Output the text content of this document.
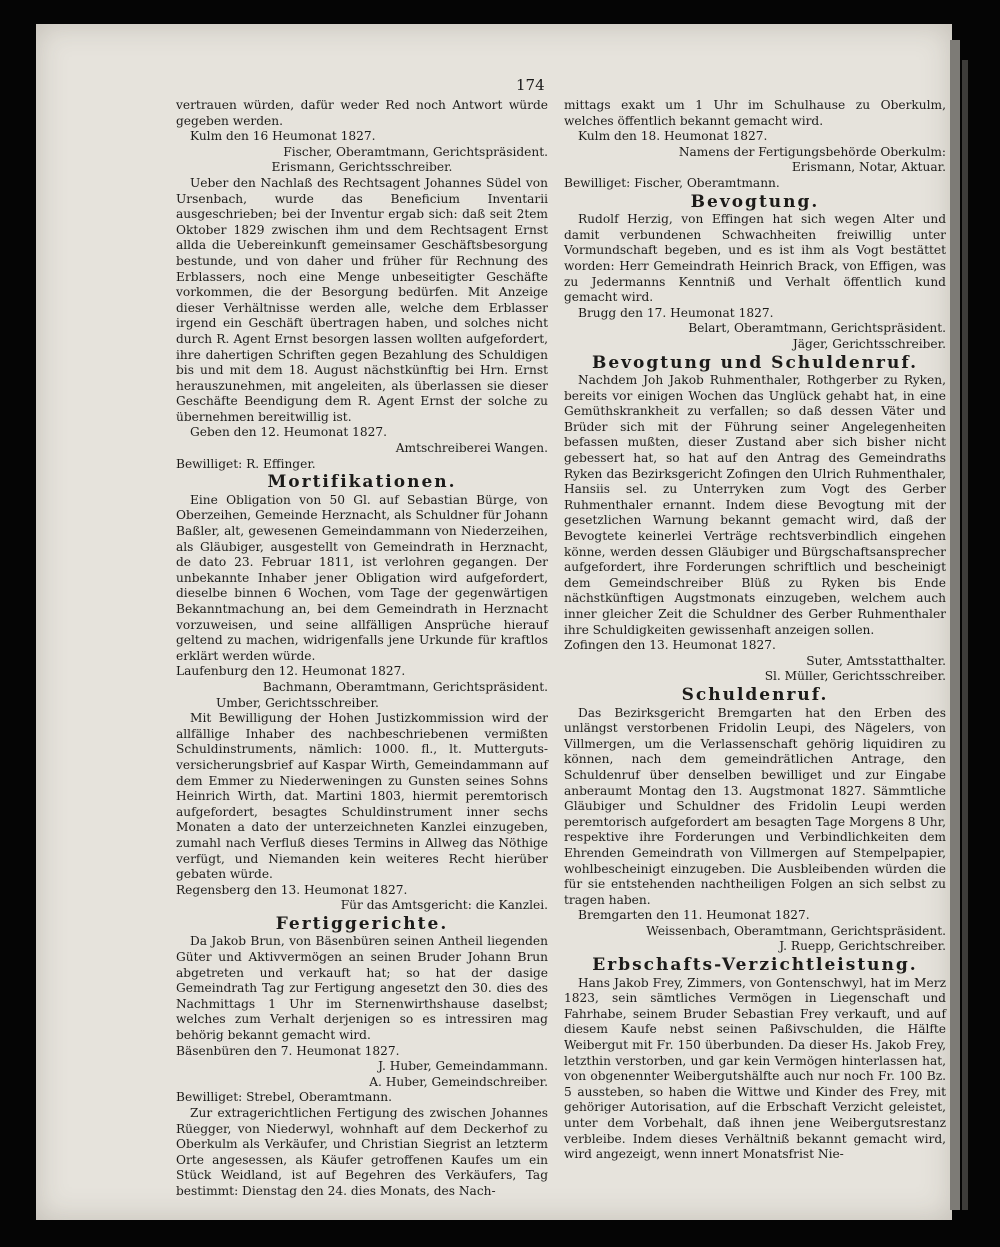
174

vertrauen würden, dafür weder Red noch Antwort würde gegeben werden.

Kulm den 16 Heumonat 1827.

Fischer, Oberamtmann, Gerichtspräsident.

Erismann, Gerichtsschreiber.

Ueber den Nachlaß des Rechtsagent Johannes Südel von Ursenbach, wurde das Beneficium Inventarii ausgeschrieben; bei der Inventur ergab sich: daß seit 2tem Oktober 1829 zwischen ihm und dem Rechtsagent Ernst allda die Uebereinkunft gemeinsamer Geschäftsbesorgung bestunde, und von daher und früher für Rechnung des Erblassers, noch eine Menge unbeseitigter Geschäfte vorkommen, die der Besorgung bedürfen. Mit Anzeige dieser Verhältnisse werden alle, welche dem Erblasser irgend ein Geschäft übertragen haben, und solches nicht durch R. Agent Ernst besorgen lassen wollten aufgefordert, ihre dahertigen Schriften gegen Bezahlung des Schuldigen bis und mit dem 18. August nächstkünftig bei Hrn. Ernst herauszunehmen, mit angeleiten, als überlassen sie dieser Geschäfte Beendigung dem R. Agent Ernst der solche zu übernehmen bereitwillig ist.

Geben den 12. Heumonat 1827.

Amtschreiberei Wangen.

Bewilliget: R. Effinger.

Mortifikationen.

Eine Obligation von 50 Gl. auf Sebastian Bürge, von Oberzeihen, Gemeinde Herznacht, als Schuldner für Johann Baßler, alt, gewesenen Gemeindammann von Niederzeihen, als Gläubiger, ausgestellt von Gemeindrath in Herznacht, de dato 23. Februar 1811, ist verlohren gegangen. Der unbekannte Inhaber jener Obligation wird aufgefordert, dieselbe binnen 6 Wochen, vom Tage der gegenwärtigen Bekanntmachung an, bei dem Gemeindrath in Herznacht vorzuweisen, und seine allfälligen Ansprüche hierauf geltend zu machen, widrigenfalls jene Urkunde für kraftlos erklärt werden würde.

Laufenburg den 12. Heumonat 1827.

Bachmann, Oberamtmann, Gerichtspräsident.

Umber, Gerichtsschreiber.

Mit Bewilligung der Hohen Justizkommission wird der allfällige Inhaber des nachbeschriebenen vermißten Schuldinstruments, nämlich: 1000. fl., lt. Mutterguts-versicherungsbrief auf Kaspar Wirth, Gemeindammann auf dem Emmer zu Niederweningen zu Gunsten seines Sohns Heinrich Wirth, dat. Martini 1803, hiermit peremtorisch aufgefordert, besagtes Schuldinstrument inner sechs Monaten a dato der unterzeichneten Kanzlei einzugeben, zumahl nach Verfluß dieses Termins in Allweg das Nöthige verfügt, und Niemanden kein weiteres Recht hierüber gebaten würde.

Regensberg den 13. Heumonat 1827.

Für das Amtsgericht: die Kanzlei.

Fertiggerichte.

Da Jakob Brun, von Bäsenbüren seinen Antheil liegenden Güter und Aktivvermögen an seinen Bruder Johann Brun abgetreten und verkauft hat; so hat der dasige Gemeindrath Tag zur Fertigung angesetzt den 30. dies des Nachmittags 1 Uhr im Sternenwirthshause daselbst; welches zum Verhalt derjenigen so es intressiren mag behörig bekannt gemacht wird.

Bäsenbüren den 7. Heumonat 1827.

J. Huber, Gemeindammann.

A. Huber, Gemeindschreiber.

Bewilliget: Strebel, Oberamtmann.

Zur extragerichtlichen Fertigung des zwischen Johannes Rüegger, von Niederwyl, wohnhaft auf dem Deckerhof zu Oberkulm als Verkäufer, und Christian Siegrist an letzterm Orte angesessen, als Käufer getroffenen Kaufes um ein Stück Weidland, ist auf Begehren des Verkäufers, Tag bestimmt: Dienstag den 24. dies Monats, des Nach-

mittags exakt um 1 Uhr im Schulhause zu Oberkulm, welches öffentlich bekannt gemacht wird.

Kulm den 18. Heumonat 1827.

Namens der Fertigungsbehörde Oberkulm:

Erismann, Notar, Aktuar.

Bewilliget: Fischer, Oberamtmann.

Bevogtung.

Rudolf Herzig, von Effingen hat sich wegen Alter und damit verbundenen Schwachheiten freiwillig unter Vormundschaft begeben, und es ist ihm als Vogt bestättet worden: Herr Gemeindrath Heinrich Brack, von Effigen, was zu Jedermanns Kenntniß und Verhalt öffentlich kund gemacht wird.

Brugg den 17. Heumonat 1827.

Belart, Oberamtmann, Gerichtspräsident.

Jäger, Gerichtsschreiber.

Bevogtung und Schuldenruf.

Nachdem Joh Jakob Ruhmenthaler, Rothgerber zu Ryken, bereits vor einigen Wochen das Unglück gehabt hat, in eine Gemüthskrankheit zu verfallen; so daß dessen Väter und Brüder sich mit der Führung seiner Angelegenheiten befassen mußten, dieser Zustand aber sich bisher nicht gebessert hat, so hat auf den Antrag des Gemeindraths Ryken das Bezirksgericht Zofingen den Ulrich Ruhmenthaler, Hansiis sel. zu Unterryken zum Vogt des Gerber Ruhmenthaler ernannt. Indem diese Bevogtung mit der gesetzlichen Warnung bekannt gemacht wird, daß der Bevogtete keinerlei Verträge rechtsverbindlich eingehen könne, werden dessen Gläubiger und Bürgschaftsansprecher aufgefordert, ihre Forderungen schriftlich und bescheinigt dem Gemeindschreiber Blüß zu Ryken bis Ende nächstkünftigen Augstmonats einzugeben, welchem auch inner gleicher Zeit die Schuldner des Gerber Ruhmenthaler ihre Schuldigkeiten gewissenhaft anzeigen sollen.

Zofingen den 13. Heumonat 1827.

Suter, Amtsstatthalter.

Sl. Müller, Gerichtsschreiber.

Schuldenruf.

Das Bezirksgericht Bremgarten hat den Erben des unlängst verstorbenen Fridolin Leupi, des Nägelers, von Villmergen, um die Verlassenschaft gehörig liquidiren zu können, nach dem gemeindrätlichen Antrage, den Schuldenruf über denselben bewilliget und zur Eingabe anberaumt Montag den 13. Augstmonat 1827. Sämmtliche Gläubiger und Schuldner des Fridolin Leupi werden peremtorisch aufgefordert am besagten Tage Morgens 8 Uhr, respektive ihre Forderungen und Verbindlichkeiten dem Ehrenden Gemeindrath von Villmergen auf Stempelpapier, wohlbescheinigt einzugeben. Die Ausbleibenden würden die für sie entstehenden nachtheiligen Folgen an sich selbst zu tragen haben.

Bremgarten den 11. Heumonat 1827.

Weissenbach, Oberamtmann, Gerichtspräsident.

J. Ruepp, Gerichtschreiber.

Erbschafts-Verzichtleistung.

Hans Jakob Frey, Zimmers, von Gontenschwyl, hat im Merz 1823, sein sämtliches Vermögen in Liegenschaft und Fahrhabe, seinem Bruder Sebastian Frey verkauft, und auf diesem Kaufe nebst seinen Paßivschulden, die Hälfte Weibergut mit Fr. 150 überbunden. Da dieser Hs. Jakob Frey, letzthin verstorben, und gar kein Vermögen hinterlassen hat, von obgenennter Weibergutshälfte auch nur noch Fr. 100 Bz. 5 aussteben, so haben die Wittwe und Kinder des Frey, mit gehöriger Autorisation, auf die Erbschaft Verzicht geleistet, unter dem Vorbehalt, daß ihnen jene Weibergutsrestanz verbleibe. Indem dieses Verhältniß bekannt gemacht wird, wird angezeigt, wenn innert Monatsfrist Nie-
